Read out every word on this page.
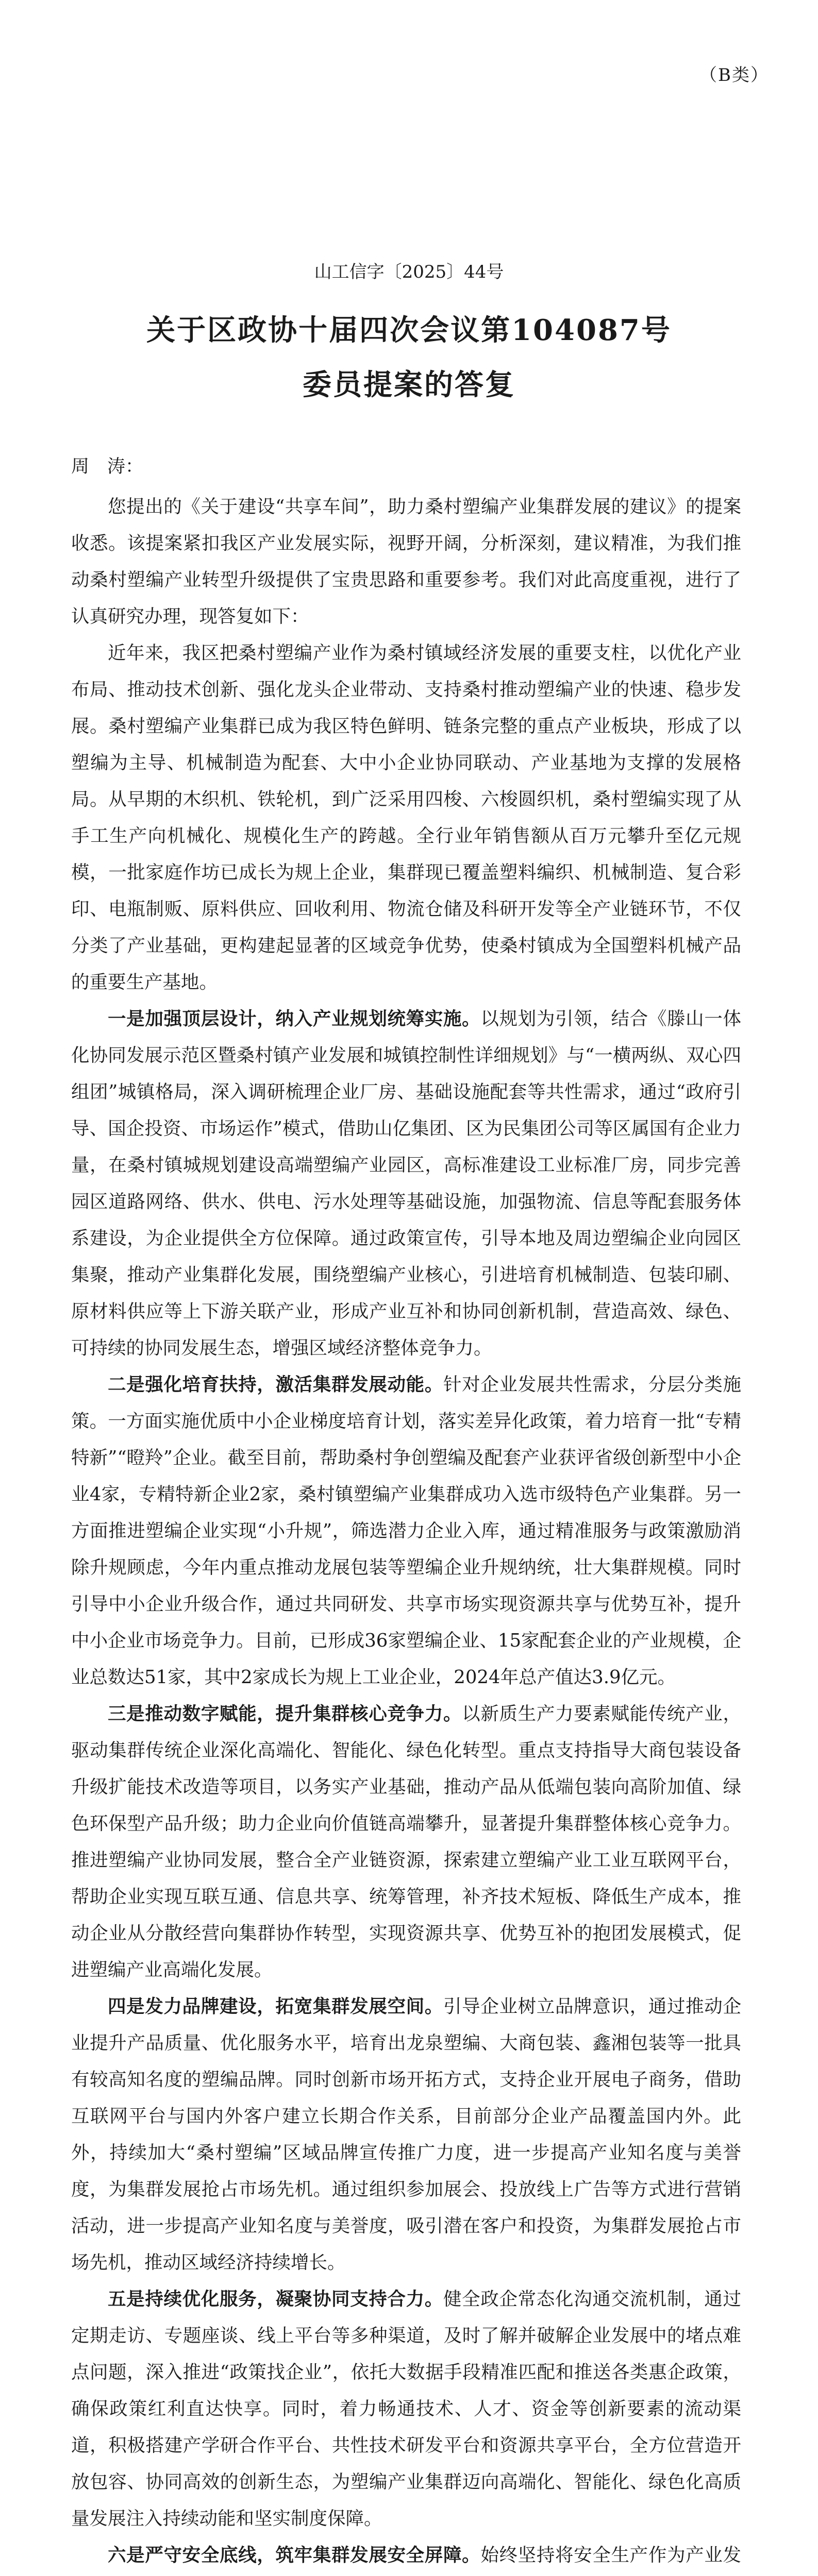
（B类）
山工信字〔2025〕44号
关于区政协十届四次会议第104087号
委员提案的答复
周　涛：

您提出的《关于建设“共享车间”，助力桑村塑编产业集群发展的建议》的提案收悉。该提案紧扣我区产业发展实际，视野开阔，分析深刻，建议精准，为我们推动桑村塑编产业转型升级提供了宝贵思路和重要参考。我们对此高度重视，进行了认真研究办理，现答复如下：

近年来，我区把桑村塑编产业作为桑村镇域经济发展的重要支柱，以优化产业布局、推动技术创新、强化龙头企业带动、支持桑村推动塑编产业的快速、稳步发展。桑村塑编产业集群已成为我区特色鲜明、链条完整的重点产业板块，形成了以塑编为主导、机械制造为配套、大中小企业协同联动、产业基地为支撑的发展格局。从早期的木织机、铁轮机，到广泛采用四梭、六梭圆织机，桑村塑编实现了从手工生产向机械化、规模化生产的跨越。全行业年销售额从百万元攀升至亿元规模，一批家庭作坊已成长为规上企业，集群现已覆盖塑料编织、机械制造、复合彩印、电瓶制贩、原料供应、回收利用、物流仓储及科研开发等全产业链环节，不仅分类了产业基础，更构建起显著的区域竞争优势，使桑村镇成为全国塑料机械产品的重要生产基地。

一是加强顶层设计，纳入产业规划统筹实施。以规划为引领，结合《滕山一体化协同发展示范区暨桑村镇产业发展和城镇控制性详细规划》与“一横两纵、双心四组团”城镇格局，深入调研梳理企业厂房、基础设施配套等共性需求，通过“政府引导、国企投资、市场运作”模式，借助山亿集团、区为民集团公司等区属国有企业力量，在桑村镇城规划建设高端塑编产业园区，高标准建设工业标准厂房，同步完善园区道路网络、供水、供电、污水处理等基础设施，加强物流、信息等配套服务体系建设，为企业提供全方位保障。通过政策宣传，引导本地及周边塑编企业向园区集聚，推动产业集群化发展，围绕塑编产业核心，引进培育机械制造、包装印刷、原材料供应等上下游关联产业，形成产业互补和协同创新机制，营造高效、绿色、可持续的协同发展生态，增强区域经济整体竞争力。

二是强化培育扶持，激活集群发展动能。针对企业发展共性需求，分层分类施策。一方面实施优质中小企业梯度培育计划，落实差异化政策，着力培育一批“专精特新”“瞪羚”企业。截至目前，帮助桑村争创塑编及配套产业获评省级创新型中小企业4家，专精特新企业2家，桑村镇塑编产业集群成功入选市级特色产业集群。另一方面推进塑编企业实现“小升规”，筛选潜力企业入库，通过精准服务与政策激励消除升规顾虑，今年内重点推动龙展包装等塑编企业升规纳统，壮大集群规模。同时引导中小企业升级合作，通过共同研发、共享市场实现资源共享与优势互补，提升中小企业市场竞争力。目前，已形成36家塑编企业、15家配套企业的产业规模，企业总数达51家，其中2家成长为规上工业企业，2024年总产值达3.9亿元。

三是推动数字赋能，提升集群核心竞争力。以新质生产力要素赋能传统产业，驱动集群传统企业深化高端化、智能化、绿色化转型。重点支持指导大商包装设备升级扩能技术改造等项目，以务实产业基础，推动产品从低端包装向高阶加值、绿色环保型产品升级；助力企业向价值链高端攀升，显著提升集群整体核心竞争力。推进塑编产业协同发展，整合全产业链资源，探索建立塑编产业工业互联网平台，帮助企业实现互联互通、信息共享、统筹管理，补齐技术短板、降低生产成本，推动企业从分散经营向集群协作转型，实现资源共享、优势互补的抱团发展模式，促进塑编产业高端化发展。

四是发力品牌建设，拓宽集群发展空间。引导企业树立品牌意识，通过推动企业提升产品质量、优化服务水平，培育出龙泉塑编、大商包装、鑫湘包装等一批具有较高知名度的塑编品牌。同时创新市场开拓方式，支持企业开展电子商务，借助互联网平台与国内外客户建立长期合作关系，目前部分企业产品覆盖国内外。此外，持续加大“桑村塑编”区域品牌宣传推广力度，进一步提高产业知名度与美誉度，为集群发展抢占市场先机。通过组织参加展会、投放线上广告等方式进行营销活动，进一步提高产业知名度与美誉度，吸引潜在客户和投资，为集群发展抢占市场先机，推动区域经济持续增长。

五是持续优化服务，凝聚协同支持合力。健全政企常态化沟通交流机制，通过定期走访、专题座谈、线上平台等多种渠道，及时了解并破解企业发展中的堵点难点问题，深入推进“政策找企业”，依托大数据手段精准匹配和推送各类惠企政策，确保政策红利直达快享。同时，着力畅通技术、人才、资金等创新要素的流动渠道，积极搭建产学研合作平台、共性技术研发平台和资源共享平台，全方位营造开放包容、协同高效的创新生态，为塑编产业集群迈向高端化、智能化、绿色化高质量发展注入持续动能和坚实制度保障。

六是严守安全底线，筑牢集群发展安全屏障。始终坚持将安全生产作为产业发
